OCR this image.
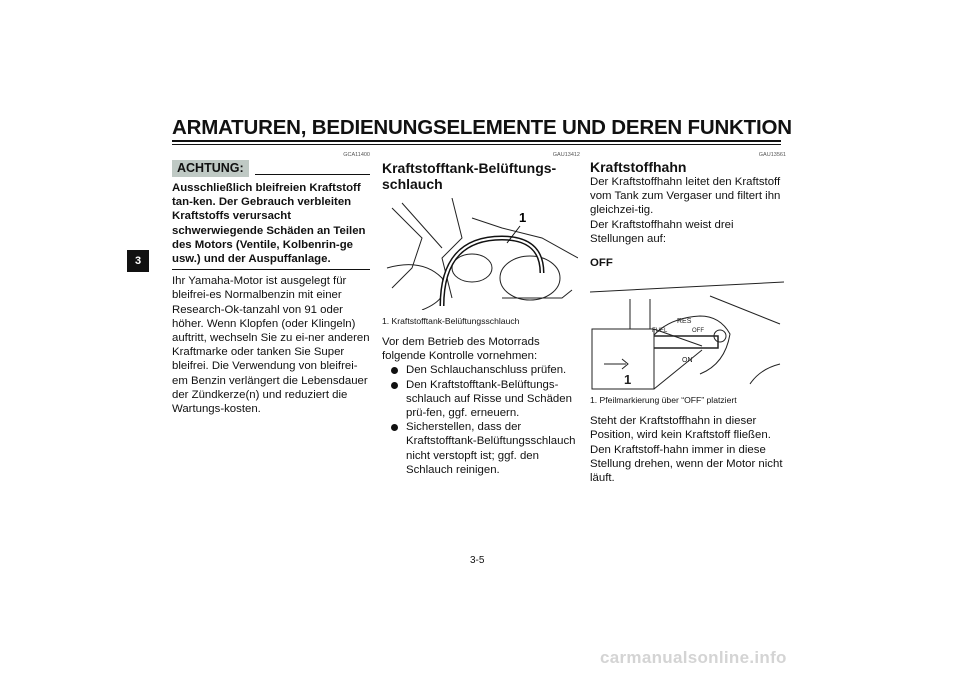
ARMATUREN, BEDIENUNGSELEMENTE UND DEREN FUNKTION
3
GCA11400
ACHTUNG:
Ausschließlich bleifreien Kraftstoff tan-ken. Der Gebrauch verbleiten Kraftstoffs verursacht schwerwiegende Schäden an Teilen des Motors (Ventile, Kolbenrin-ge usw.) und der Auspuffanlage.
Ihr Yamaha-Motor ist ausgelegt für bleifrei-es Normalbenzin mit einer Research-Ok-tanzahl von 91 oder höher. Wenn Klopfen (oder Klingeln) auftritt, wechseln Sie zu ei-ner anderen Kraftmarke oder tanken Sie Super bleifrei. Die Verwendung von bleifrei-em Benzin verlängert die Lebensdauer der Zündkerze(n) und reduziert die Wartungs-kosten.
GAU13412
Kraftstofftank-Belüftungs-schlauch
1
1. Kraftstofftank-Belüftungsschlauch
Vor dem Betrieb des Motorrads folgende Kontrolle vornehmen:
Den Schlauchanschluss prüfen.
Den Kraftstofftank-Belüftungs-schlauch auf Risse und Schäden prü-fen, ggf. erneuern.
Sicherstellen, dass der Kraftstofftank-Belüftungsschlauch nicht verstopft ist; ggf. den Schlauch reinigen.
GAU13561
Kraftstoffhahn
Der Kraftstoffhahn leitet den Kraftstoff vom Tank zum Vergaser und filtert ihn gleichzei-tig.
Der Kraftstoffhahn weist drei Stellungen auf:
OFF
RES
FUEL	OFF
ON
1
1. Pfeilmarkierung über “OFF” platziert
Steht der Kraftstoffhahn in dieser Position, wird kein Kraftstoff fließen. Den Kraftstoff-hahn immer in diese Stellung drehen, wenn der Motor nicht läuft.
3-5
carmanualsonline.info
